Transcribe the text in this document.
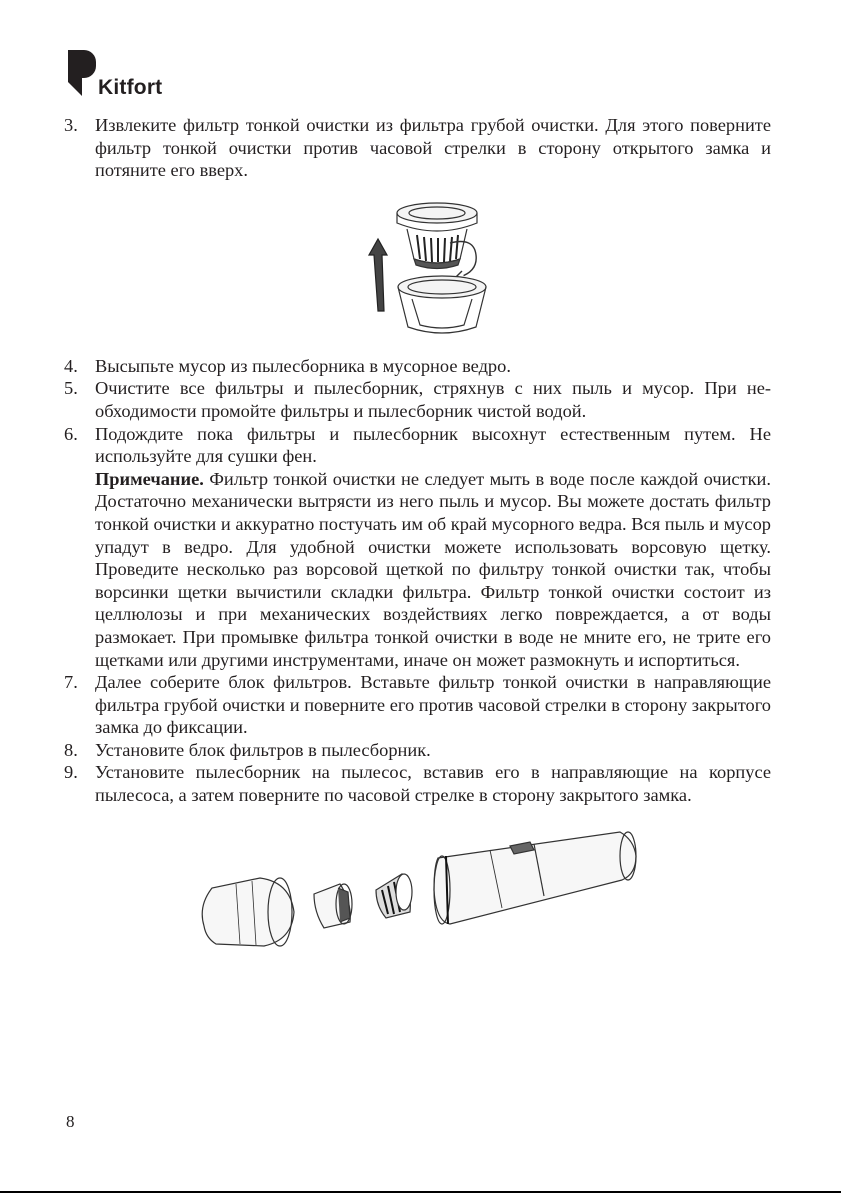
Kitfort
3. Извлеките фильтр тонкой очистки из фильтра грубой очистки. Для этого поверните фильтр тонкой очистки против часовой стрелки в сторону открытого замка и потяните его вверх.
4. Высыпьте мусор из пылесборника в мусорное ведро.
5. Очистите все фильтры и пылесборник, стряхнув с них пыль и мусор. При необходимости промойте фильтры и пылесборник чистой водой.
6. Подождите пока фильтры и пылесборник высохнут естественным путем. Не используйте для сушки фен.
Примечание. Фильтр тонкой очистки не следует мыть в воде после каждой очистки. Достаточно механически вытрясти из него пыль и мусор. Вы можете достать фильтр тонкой очистки и аккуратно постучать им об край мусорного ведра. Вся пыль и мусор упадут в ведро. Для удобной очистки можете использовать ворсовую щетку. Проведите несколько раз ворсовой щеткой по фильтру тонкой очистки так, чтобы ворсинки щетки вычистили складки фильтра. Фильтр тонкой очистки состоит из целлюлозы и при механических воздействиях легко повреждается, а от воды размокает. При промывке фильтра тонкой очистки в воде не мните его, не трите его щетками или другими инструментами, иначе он может размокнуть и испортиться.
7. Далее соберите блок фильтров. Вставьте фильтр тонкой очистки в направляющие фильтра грубой очистки и поверните его против часовой стрелки в сторону закрытого замка до фиксации.
8. Установите блок фильтров в пылесборник.
9. Установите пылесборник на пылесос, вставив его в направляющие на корпусе пылесоса, а затем поверните по часовой стрелке в сторону закрытого замка.
8
